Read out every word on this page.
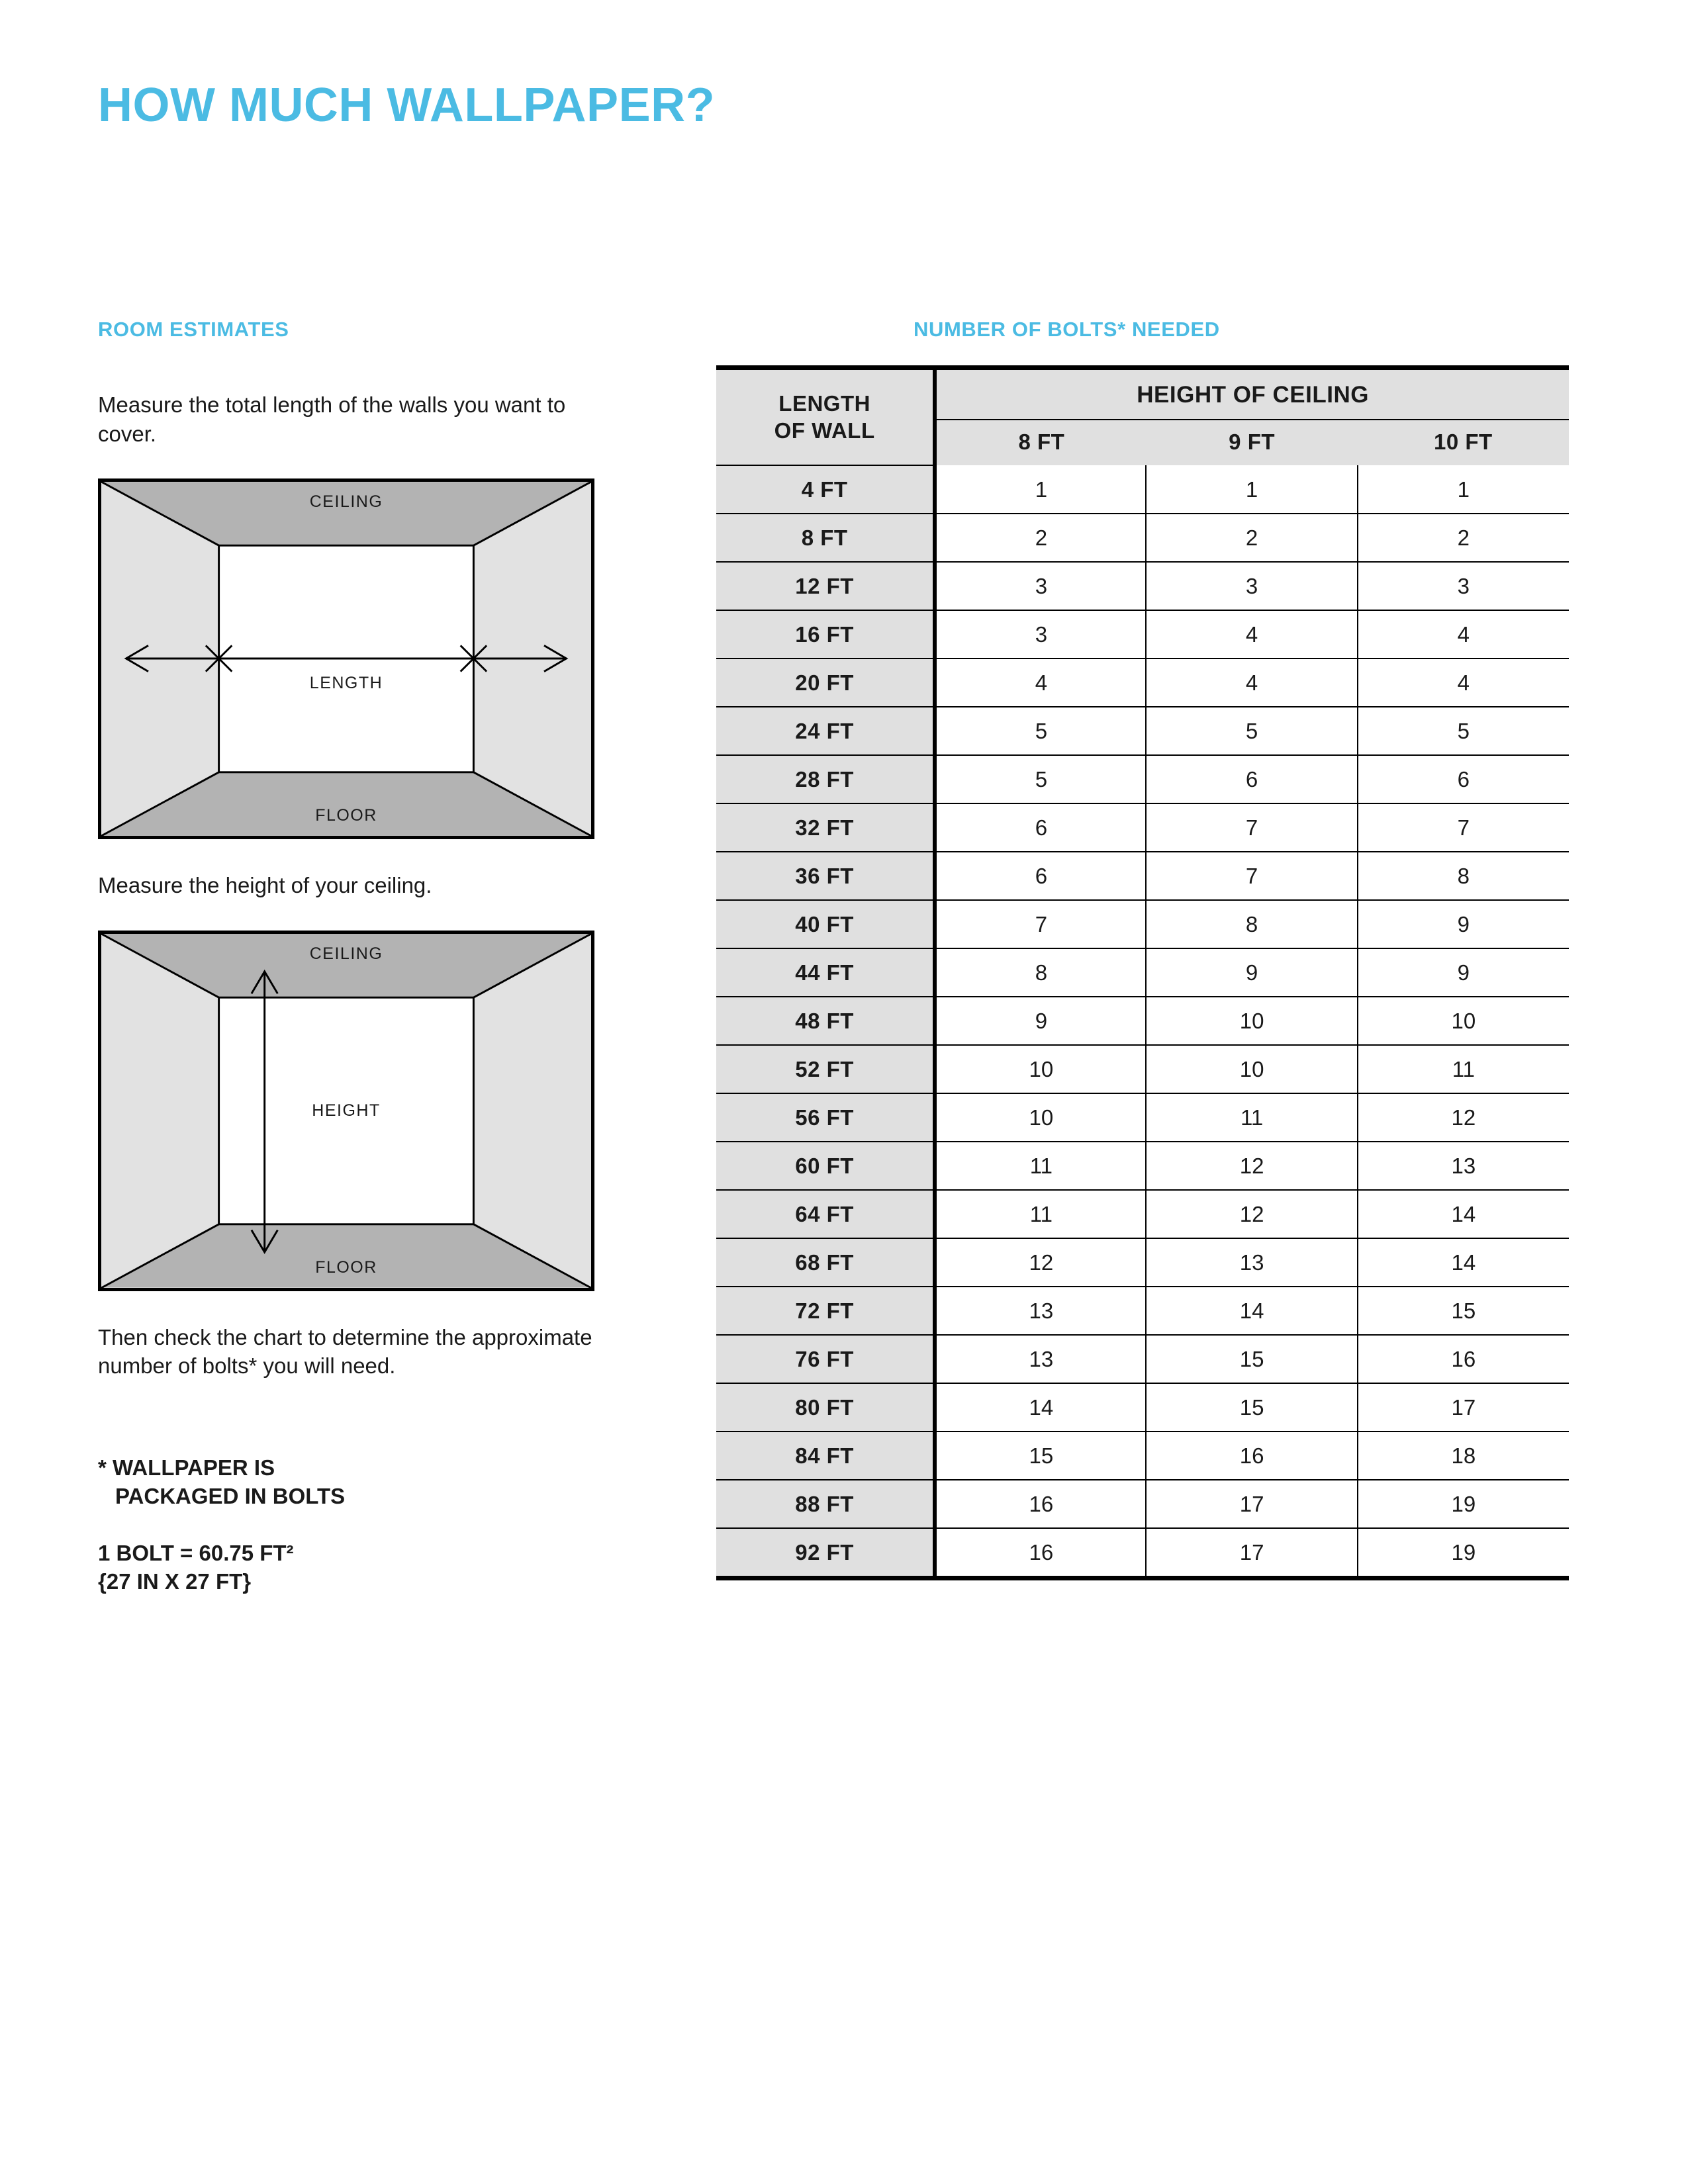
HOW MUCH WALLPAPER?
ROOM ESTIMATES	NUMBER OF BOLTS* NEEDED

Measure the total length of the walls you want to cover.

CEILING
FLOOR
LENGTH

Measure the height of your ceiling.

CEILING
FLOOR
HEIGHT

Then check the chart to determine the approximate number of bolts* you will need.

* WALLPAPER IS
PACKAGED IN BOLTS
1 BOLT = 60.75 FT²
{27 IN X 27 FT}
LENGTH
OF WALL	HEIGHT OF CEILING		
	8 FT	9 FT	10 FT
4 FT	1	1	1
8 FT	2	2	2
12 FT	3	3	3
16 FT	3	4	4
20 FT	4	4	4
24 FT	5	5	5
28 FT	5	6	6
32 FT	6	7	7
36 FT	6	7	8
40 FT	7	8	9
44 FT	8	9	9
48 FT	9	10	10
52 FT	10	10	11
56 FT	10	11	12
60 FT	11	12	13
64 FT	11	12	14
68 FT	12	13	14
72 FT	13	14	15
76 FT	13	15	16
80 FT	14	15	17
84 FT	15	16	18
88 FT	16	17	19
92 FT	16	17	19
